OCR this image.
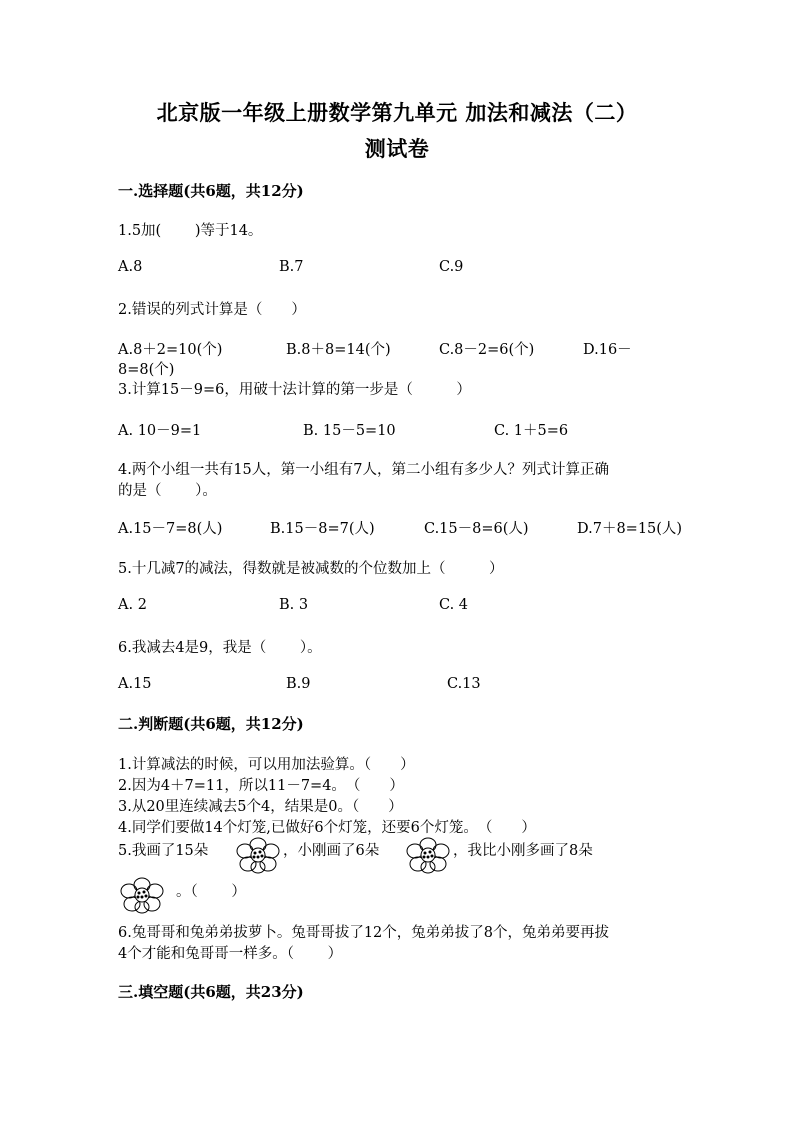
北京版一年级上册数学第九单元 加法和减法（二）
测试卷
一.选择题(共6题，共12分)
1.5加(　　 )等于14。
A.8	B.7	C.9
2.错误的列式计算是（　　）
A.8＋2=10(个)	B.8＋8=14(个)	C.8－2=6(个)	D.16－
8=8(个)
3.计算15－9=6，用破十法计算的第一步是（　　　）
A. 10－9=1	B. 15－5=10	C. 1＋5=6
4.两个小组一共有15人，第一小组有7人，第二小组有多少人？列式计算正确
的是（　　 ）。
A.15－7=8(人)	B.15－8=7(人)	C.15－8=6(人)	D.7＋8=15(人)
5.十几减7的减法，得数就是被减数的个位数加上（　　　）
A. 2	B. 3	C. 4
6.我减去4是9，我是（　　 ）。
A.15	B.9	C.13
二.判断题(共6题，共12分)
1.计算减法的时候，可以用加法验算。（　　）
2.因为4＋7=11，所以11－7=4。　（　　）
3.从20里连续减去5个4，结果是0。（　　）
4.同学们要做14个灯笼,已做好6个灯笼，还要6个灯笼。　（　　）
5.我画了15朵	，小刚画了6朵	，我比小刚多画了8朵
。（　　 ）
6.兔哥哥和兔弟弟拔萝卜。兔哥哥拔了12个，兔弟弟拔了8个，兔弟弟要再拔
4个才能和兔哥哥一样多。（　　 ）
三.填空题(共6题，共23分)
